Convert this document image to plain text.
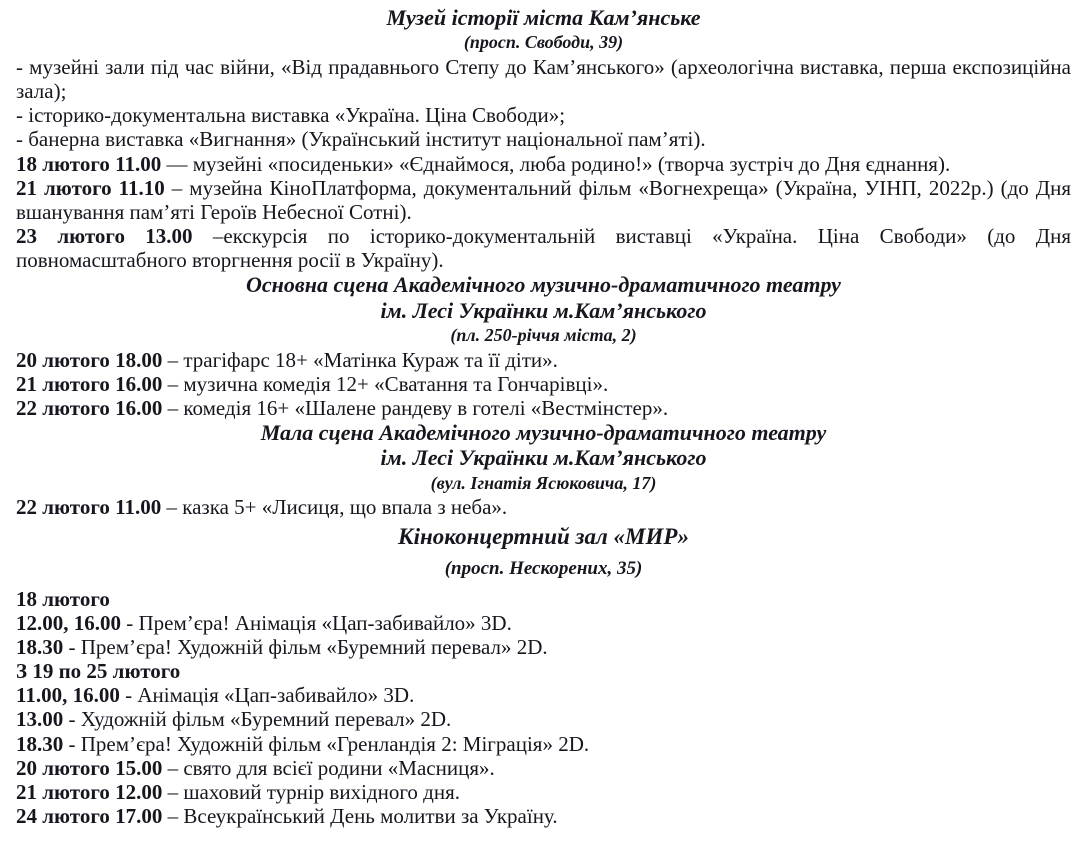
Музей історії міста Кам’янське
(просп. Свободи, 39)
- музейні зали під час війни, «Від прадавнього Степу до Кам’янського» (археологічна виставка, перша експозиційна зала);
- історико-документальна виставка «Україна. Ціна Свободи»;
- банерна виставка «Вигнання» (Український інститут національної пам’яті).
18 лютого 11.00 — музейні «посиденьки» «Єднаймося, люба родино!» (творча зустріч до Дня єднання).
21 лютого 11.10 – музейна КіноПлатформа, документальний фільм «Вогнехреща» (Україна, УІНП, 2022р.) (до Дня вшанування пам’яті Героїв Небесної Сотні).
23 лютого 13.00 –екскурсія по історико-документальній виставці «Україна. Ціна Свободи» (до Дня повномасштабного вторгнення росії в Україну).
Основна сцена Академічного музично-драматичного театру
ім. Лесі Українки м.Кам’янського
(пл. 250-річчя міста, 2)
20 лютого 18.00 – трагіфарс 18+ «Матінка Кураж та її діти».
21 лютого 16.00 – музична комедія 12+ «Сватання та Гончарівці».
22 лютого 16.00 – комедія 16+ «Шалене рандеву в готелі «Вестмінстер».
Мала сцена Академічного музично-драматичного театру
ім. Лесі Українки м.Кам’янського
(вул. Ігнатія Ясюковича, 17)
22 лютого 11.00 – казка 5+ «Лисиця, що впала з неба».
Кіноконцертний зал «МИР»
(просп. Нескорених, 35)
18 лютого
12.00, 16.00 - Прем’єра! Анімація «Цап-забивайло» 3D.
18.30 - Прем’єра! Художній фільм «Буремний перевал» 2D.
З 19 по 25 лютого
11.00, 16.00 - Анімація «Цап-забивайло» 3D.
13.00 - Художній фільм «Буремний перевал» 2D.
18.30 - Прем’єра! Художній фільм «Гренландія 2: Міграція» 2D.
20 лютого 15.00 – свято для всієї родини «Масниця».
21 лютого 12.00 – шаховий турнір вихідного дня.
24 лютого 17.00 – Всеукраїнський День молитви за Україну.
